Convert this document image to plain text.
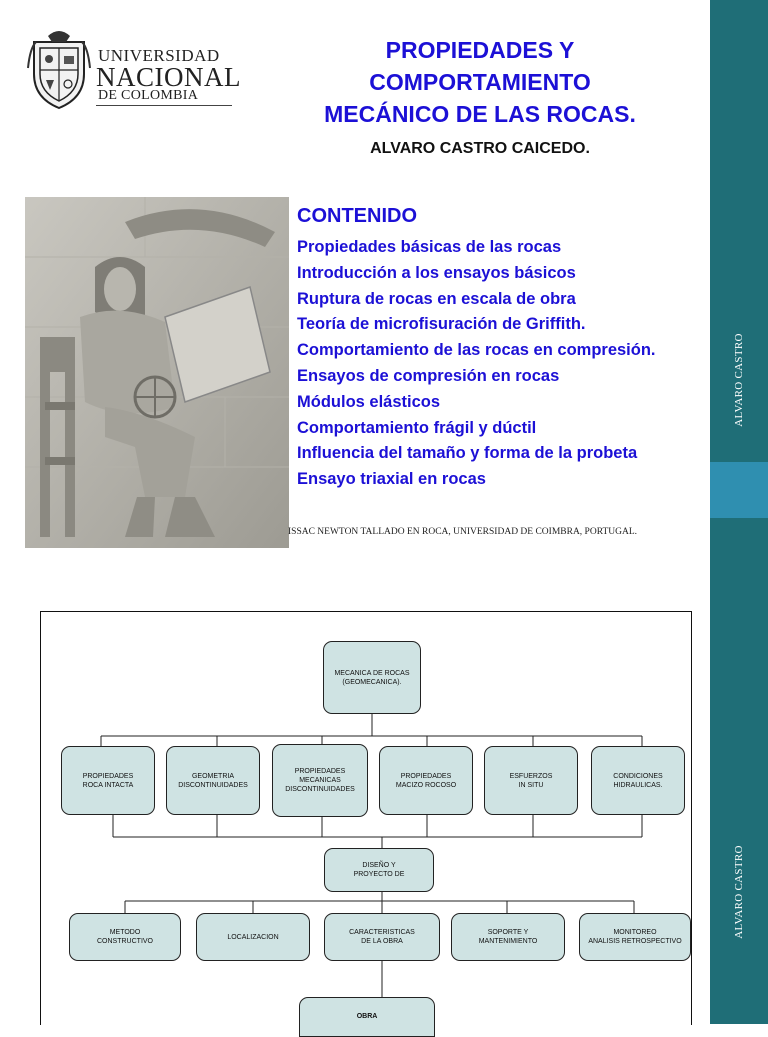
ALVARO CASTRO
ALVARO CASTRO
UNIVERSIDAD
NACIONAL
DE COLOMBIA
PROPIEDADES Y
COMPORTAMIENTO
MECÁNICO DE LAS ROCAS.
ALVARO CASTRO CAICEDO.
CONTENIDO
Propiedades básicas de las rocas
Introducción a los ensayos básicos
Ruptura de rocas en escala de obra
Teoría de microfisuración de Griffith.
Comportamiento de las rocas en compresión.
Ensayos de compresión en rocas
Módulos elásticos
Comportamiento frágil y dúctil
Influencia del tamaño y forma de la probeta
Ensayo triaxial en rocas
ISSAC NEWTON TALLADO EN ROCA, UNIVERSIDAD DE COIMBRA, PORTUGAL.
MECANICA DE ROCAS
(GEOMECANICA).
PROPIEDADES
ROCA INTACTA
GEOMETRIA
DISCONTINUIDADES
PROPIEDADES
MECANICAS
DISCONTINUIDADES
PROPIEDADES
MACIZO ROCOSO
ESFUERZOS
IN SITU
CONDICIONES
HIDRAULICAS.
DISEÑO Y
PROYECTO DE
METODO
CONSTRUCTIVO
LOCALIZACION
CARACTERISTICAS
DE LA OBRA
SOPORTE Y
MANTENIMIENTO
MONITOREO
ANALISIS RETROSPECTIVO
OBRA
